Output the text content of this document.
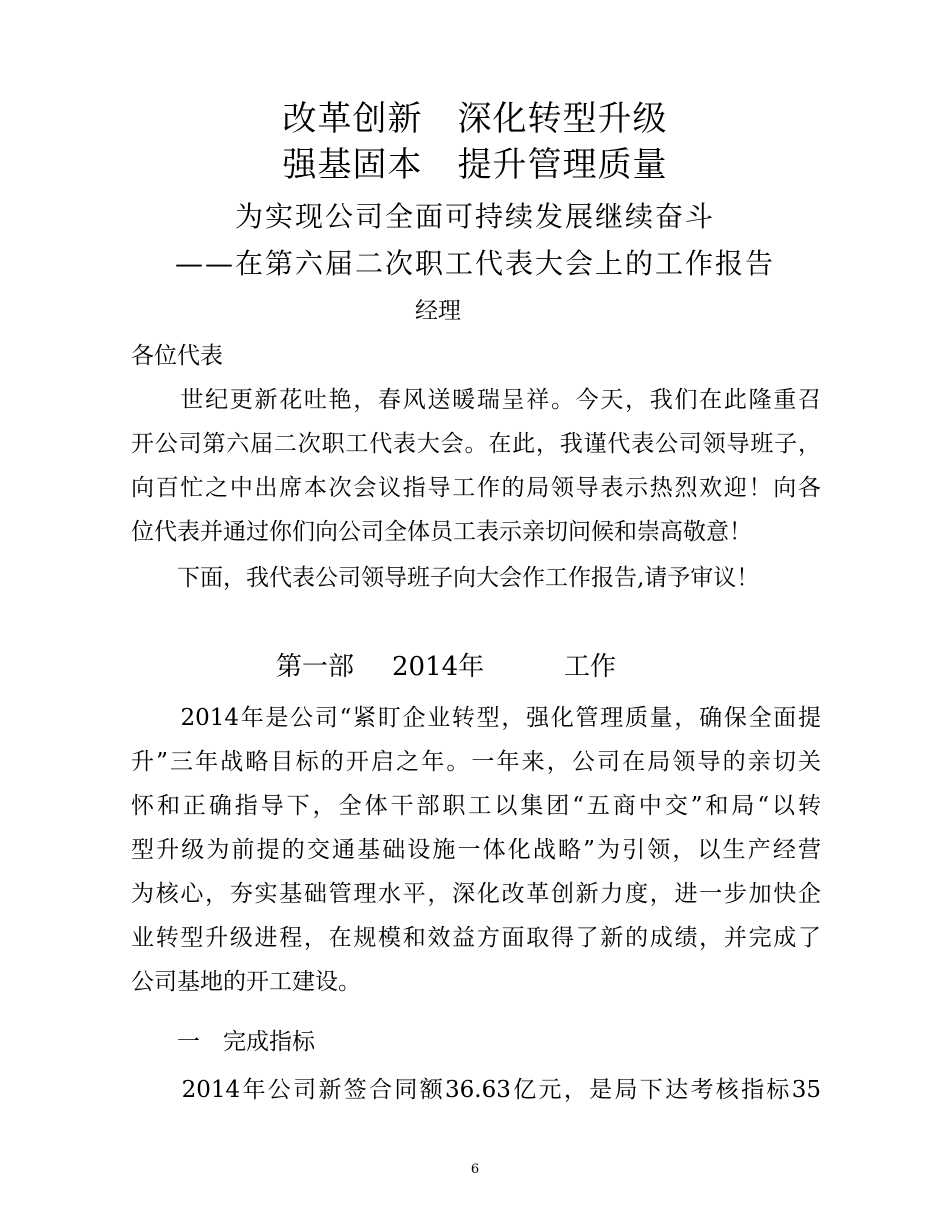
改革创新　深化转型升级
强基固本　提升管理质量
为实现公司全面可持续发展继续奋斗
——在第六届二次职工代表大会上的工作报告
经理
各位代表
　　世纪更新花吐艳，春风送暖瑞呈祥。今天，我们在此隆重召
开公司第六届二次职工代表大会。在此，我谨代表公司领导班子，
向百忙之中出席本次会议指导工作的局领导表示热烈欢迎！向各
位代表并通过你们向公司全体员工表示亲切问候和崇高敬意！
　　下面，我代表公司领导班子向大会作工作报告,请予审议！
第一部	2014年	工作
　　2014年是公司“紧盯企业转型，强化管理质量，确保全面提
升”三年战略目标的开启之年。一年来，公司在局领导的亲切关
怀和正确指导下，全体干部职工以集团“五商中交”和局“以转
型升级为前提的交通基础设施一体化战略”为引领，以生产经营
为核心，夯实基础管理水平，深化改革创新力度，进一步加快企
业转型升级进程，在规模和效益方面取得了新的成绩，并完成了
公司基地的开工建设。
　　一　完成指标
　　2014年公司新签合同额36.63亿元，是局下达考核指标35
6
